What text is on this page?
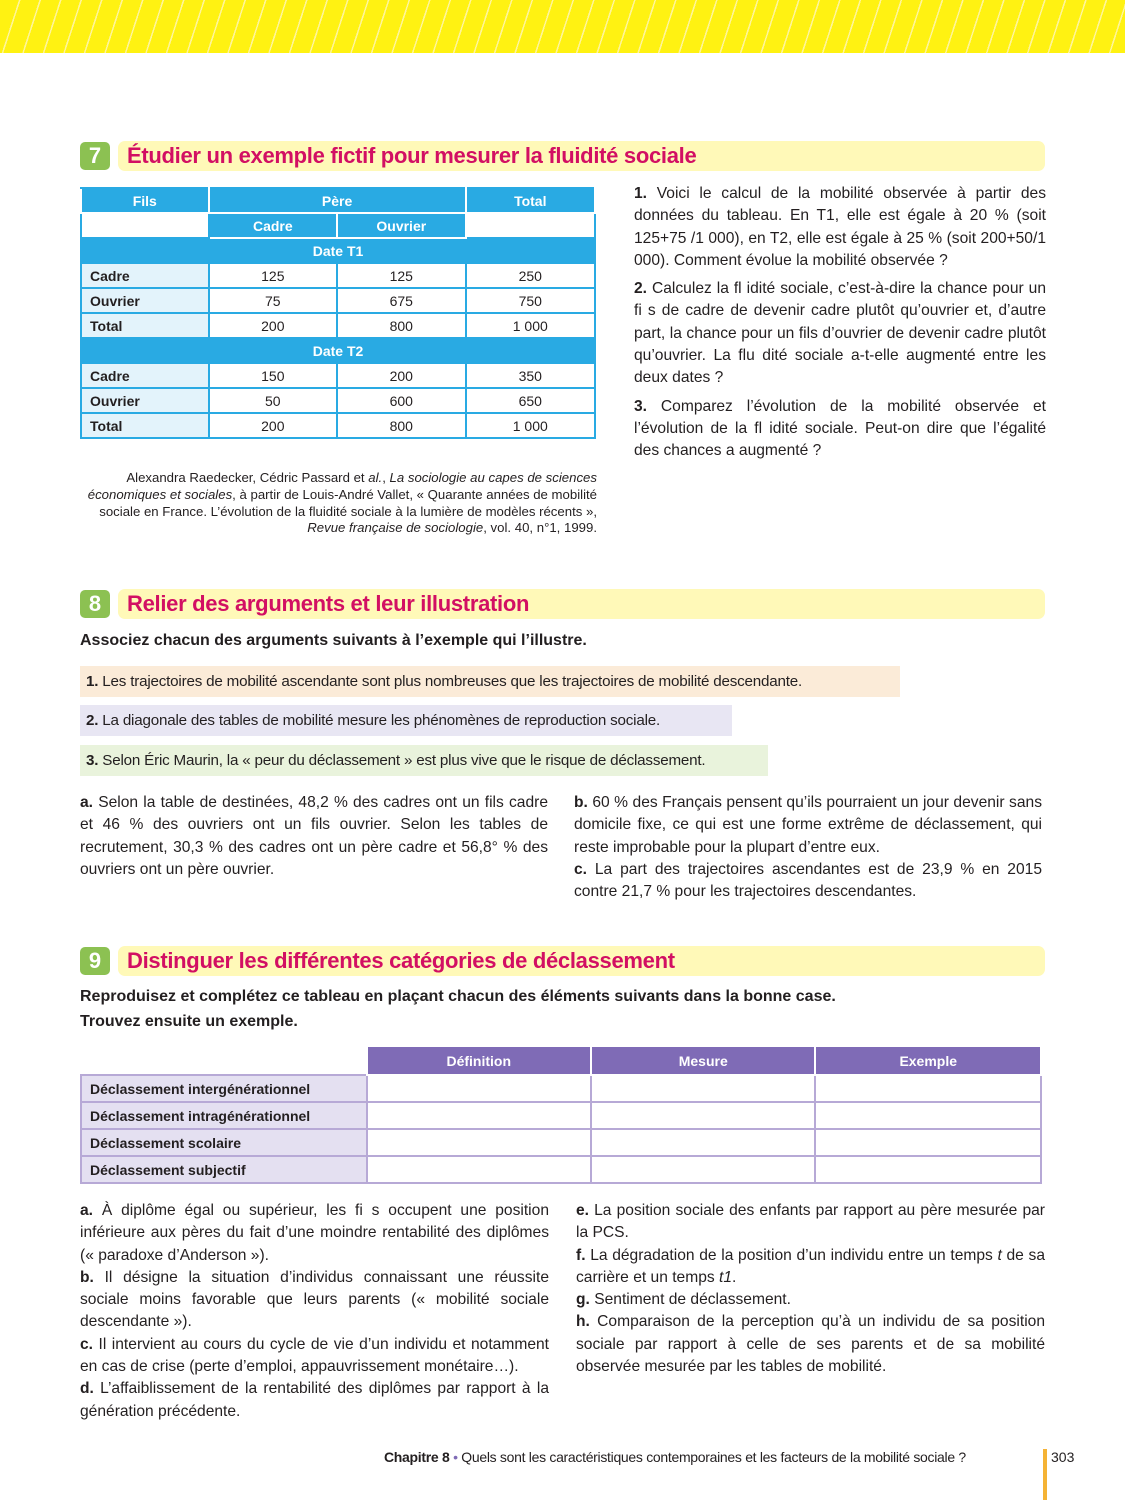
7	Étudier un exemple fictif pour mesurer la fluidité sociale
Fils	Père		Total
	Cadre	Ouvrier	
Date T1			
Cadre	125	125	250
Ouvrier	75	675	750
Total	200	800	1 000
Date T2			
Cadre	150	200	350
Ouvrier	50	600	650
Total	200	800	1 000
Alexandra Raedecker, Cédric Passard et al., La sociologie au capes de sciences économiques et sociales, à partir de Louis-André Vallet, « Quarante années de mobilité sociale en France. L’évolution de la fluidité sociale à la lumière de modèles récents », Revue française de sociologie, vol. 40, n°1, 1999.

1. Voici le calcul de la mobilité observée à partir des données du tableau. En T1, elle est égale à 20 % (soit 125+75 /1 000), en T2, elle est égale à 25 % (soit 200+50/1 000). Comment évolue la mobilité observée ?

2. Calculez la fl idité sociale, c’est-à-dire la chance pour un fi s de cadre de devenir cadre plutôt qu’ouvrier et, d’autre part, la chance pour un fils d’ouvrier de devenir cadre plutôt qu’ouvrier. La flu dité sociale a-t-elle augmenté entre les deux dates ?

3. Comparez l’évolution de la mobilité observée et l’évolution de la fl idité sociale. Peut-on dire que l’égalité des chances a augmenté ?

8	Relier des arguments et leur illustration
Associez chacun des arguments suivants à l’exemple qui l’illustre.
1. Les trajectoires de mobilité ascendante sont plus nombreuses que les trajectoires de mobilité descendante.
2. La diagonale des tables de mobilité mesure les phénomènes de reproduction sociale.
3. Selon Éric Maurin, la « peur du déclassement » est plus vive que le risque de déclassement.
a. Selon la table de destinées, 48,2 % des cadres ont un fils cadre et 46 % des ouvriers ont un fils ouvrier. Selon les tables de recrutement, 30,3 % des cadres ont un père cadre et 56,8° % des ouvriers ont un père ouvrier.
b. 60 % des Français pensent qu’ils pourraient un jour devenir sans domicile fixe, ce qui est une forme extrême de déclassement, qui reste improbable pour la plupart d’entre eux.
c. La part des trajectoires ascendantes est de 23,9 % en 2015 contre 21,7 % pour les trajectoires descendantes.
9	Distinguer les différentes catégories de déclassement
Reproduisez et complétez ce tableau en plaçant chacun des éléments suivants dans la bonne case.
Trouvez ensuite un exemple.
	Définition	Mesure	Exemple
Déclassement intergénérationnel			
Déclassement intragénérationnel			
Déclassement scolaire			
Déclassement subjectif			
a. À diplôme égal ou supérieur, les fi s occupent une position inférieure aux pères du fait d’une moindre rentabilité des diplômes (« paradoxe d’Anderson »).
b. Il désigne la situation d’individus connaissant une réussite sociale moins favorable que leurs parents (« mobilité sociale descendante »).
c. Il intervient au cours du cycle de vie d’un individu et notamment en cas de crise (perte d’emploi, appauvrissement monétaire…).
d. L’affaiblissement de la rentabilité des diplômes par rapport à la génération précédente.
e. La position sociale des enfants par rapport au père mesurée par la PCS.
f. La dégradation de la position d’un individu entre un temps t de sa carrière et un temps t1.
g. Sentiment de déclassement.
h. Comparaison de la perception qu’à un individu de sa position sociale par rapport à celle de ses parents et de sa mobilité observée mesurée par les tables de mobilité.
Chapitre 8 • Quels sont les caractéristiques contemporaines et les facteurs de la mobilité sociale ?	303
